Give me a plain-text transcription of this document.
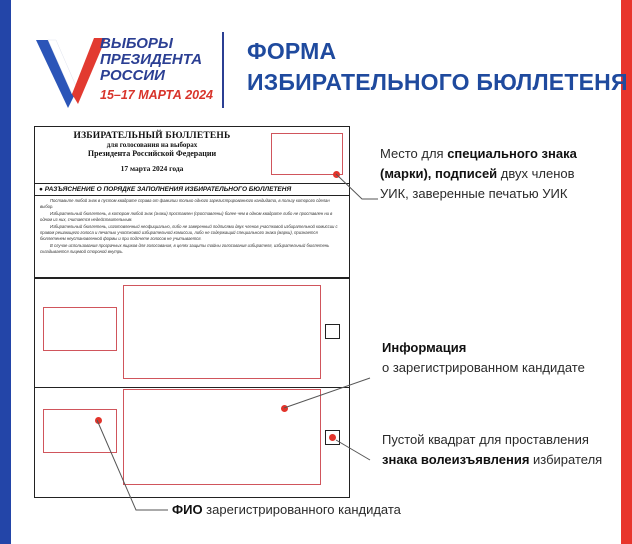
ВЫБОРЫ
ПРЕЗИДЕНТА
РОССИИ
15–17 МАРТА 2024
ФОРМА
ИЗБИРАТЕЛЬНОГО БЮЛЛЕТЕНЯ
ИЗБИРАТЕЛЬНЫЙ БЮЛЛЕТЕНЬ
для голосования на выборах
Президента Российской Федерации
17 марта 2024 года
● РАЗЪЯСНЕНИЕ О ПОРЯДКЕ ЗАПОЛНЕНИЯ ИЗБИРАТЕЛЬНОГО БЮЛЛЕТЕНЯ

Поставьте любой знак в пустом квадрате справа от фамилии только одного зарегистрированного кандидата, в пользу которого сделан выбор.

Избирательный бюллетень, в котором любой знак (знаки) проставлен (проставлены) более чем в одном квадрате либо не проставлен ни в одном из них, считается недействительным.

Избирательный бюллетень, изготовленный неофициально, либо не заверенный подписями двух членов участковой избирательной комиссии с правом решающего голоса и печатью участковой избирательной комиссии, либо не содержащий специального знака (марки), признается бюллетенем неустановленной формы и при подсчете голосов не учитывается.

В случае использования прозрачных ящиков для голосования, в целях защиты тайны голосования избирателя, избирательный бюллетень складывается лицевой стороной внутрь.

Место для специального знака (марки), подписей двух членов УИК, заверенные печатью УИК
Информация
о зарегистрированном кандидате
Пустой квадрат для проставления
знака волеизъявления избирателя
ФИО зарегистрированного кандидата
